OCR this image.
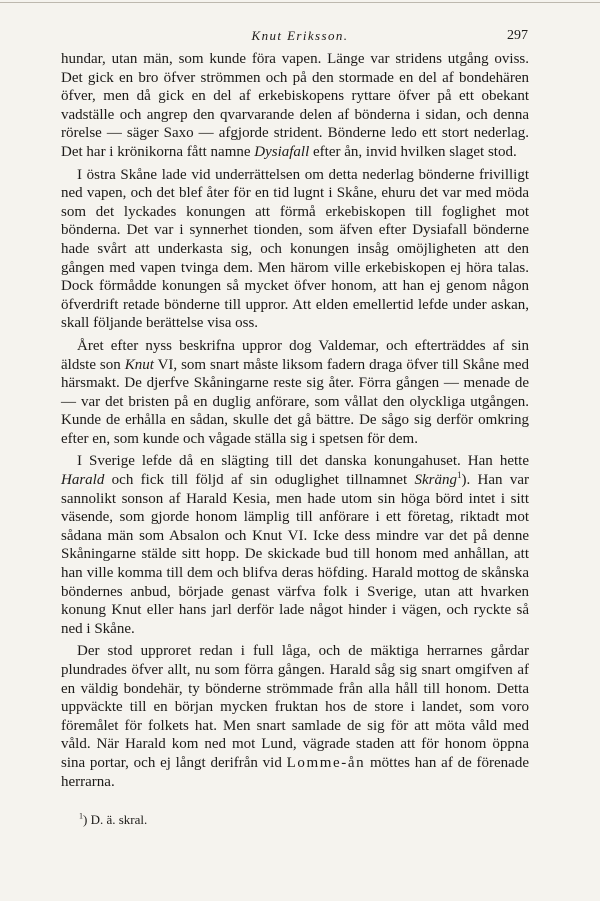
Knut Eriksson.	297

hundar, utan män, som kunde föra vapen. Länge var stridens utgång oviss. Det gick en bro öfver strömmen och på den stormade en del af bondehären öfver, men då gick en del af erkebiskopens ryttare öfver på ett obekant vadställe och angrep den qvarvarande delen af bönderna i sidan, och denna rörelse — säger Saxo — afgjorde strident. Bönderne ledo ett stort nederlag. Det har i krönikorna fått namne Dysiafall efter ån, invid hvilken slaget stod.

I östra Skåne lade vid underrättelsen om detta nederlag bönderne frivilligt ned vapen, och det blef åter för en tid lugnt i Skåne, ehuru det var med möda som det lyckades konungen att förmå erkebiskopen till foglighet mot bönderna. Det var i synnerhet tionden, som äfven efter Dysiafall bönderne hade svårt att underkasta sig, och konungen insåg omöjligheten att den gången med vapen tvinga dem. Men härom ville erkebiskopen ej höra talas. Dock förmådde konungen så mycket öfver honom, att han ej genom någon öfverdrift retade bönderne till uppror. Att elden emellertid lefde under askan, skall följande berättelse visa oss.

Året efter nyss beskrifna uppror dog Valdemar, och efterträddes af sin äldste son Knut VI, som snart måste liksom fadern draga öfver till Skåne med härsmakt. De djerfve Skåningarne reste sig åter. Förra gången — menade de — var det bristen på en duglig anförare, som vållat den olyckliga utgången. Kunde de erhålla en sådan, skulle det gå bättre. De sågo sig derför omkring efter en, som kunde och vågade ställa sig i spetsen för dem.

I Sverige lefde då en slägting till det danska konungahuset. Han hette Harald och fick till följd af sin oduglighet tillnamnet Skräng$^1$). Han var sannolikt sonson af Harald Kesia, men hade utom sin höga börd intet i sitt väsende, som gjorde honom lämplig till anförare i ett företag, riktadt mot sådana män som Absalon och Knut VI. Icke dess mindre var det på denne Skåningarne stälde sitt hopp. De skickade bud till honom med anhållan, att han ville komma till dem och blifva deras höfding. Harald mottog de skånska böndernes anbud, började genast värfva folk i Sverige, utan att hvarken konung Knut eller hans jarl derför lade något hinder i vägen, och ryckte så ned i Skåne.

Der stod upproret redan i full låga, och de mäktiga herrarnes gårdar plundrades öfver allt, nu som förra gången. Harald såg sig snart omgifven af en väldig bondehär, ty bönderne strömmade från alla håll till honom. Detta uppväckte till en början mycken fruktan hos de store i landet, som voro föremålet för folkets hat. Men snart samlade de sig för att möta våld med våld. När Harald kom ned mot Lund, vägrade staden att för honom öppna sina portar, och ej långt derifrån vid Lomme-ån möttes han af de förenade herrarna.

$^1$) D. ä. skral.
